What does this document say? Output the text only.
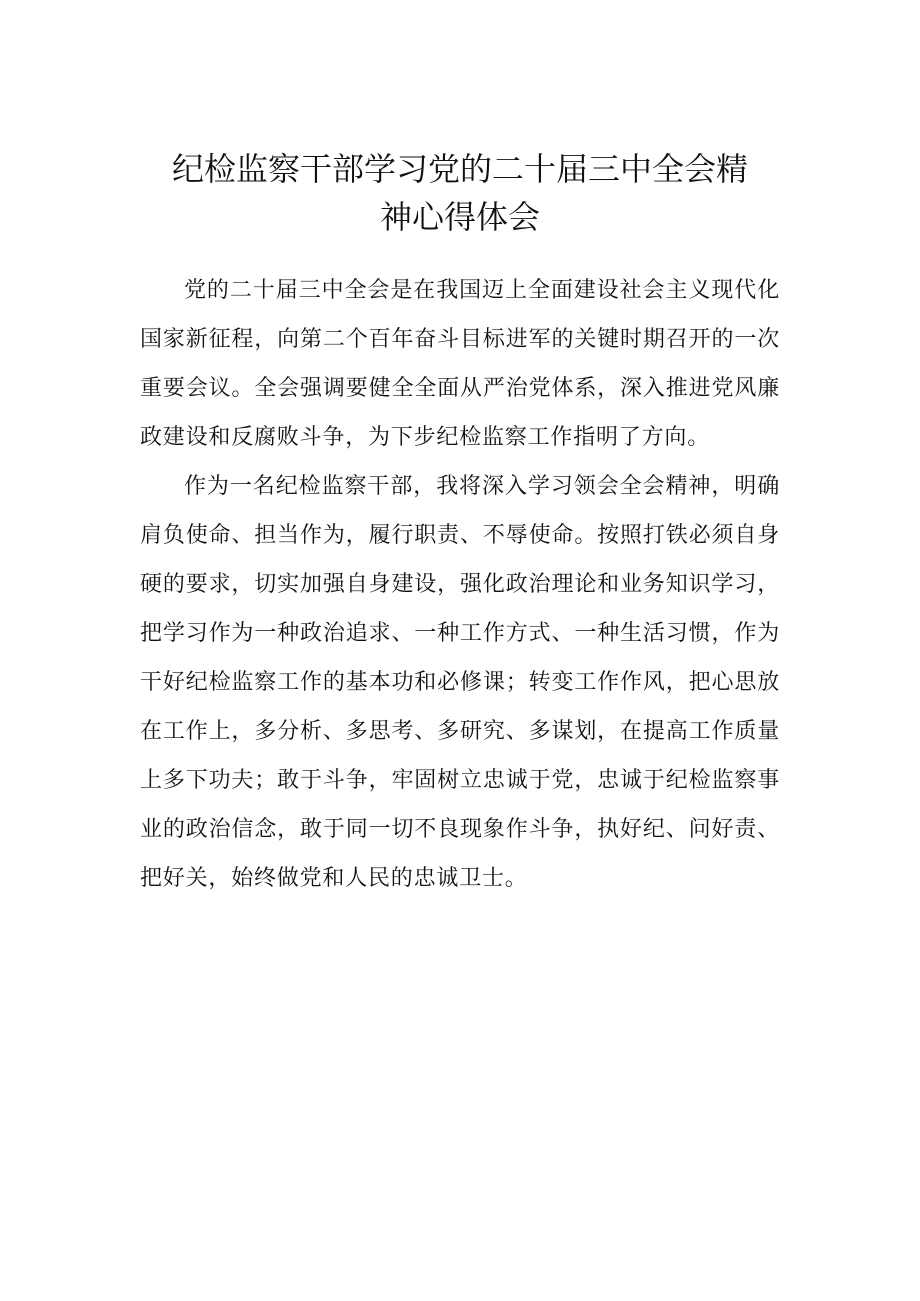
纪检监察干部学习党的二十届三中全会精
神心得体会

党的二十届三中全会是在我国迈上全面建设社会主义现代化国家新征程，向第二个百年奋斗目标进军的关键时期召开的一次重要会议。全会强调要健全全面从严治党体系，深入推进党风廉政建设和反腐败斗争，为下步纪检监察工作指明了方向。

作为一名纪检监察干部，我将深入学习领会全会精神，明确肩负使命、担当作为，履行职责、不辱使命。按照打铁必须自身硬的要求，切实加强自身建设，强化政治理论和业务知识学习，把学习作为一种政治追求、一种工作方式、一种生活习惯，作为干好纪检监察工作的基本功和必修课；转变工作作风，把心思放在工作上，多分析、多思考、多研究、多谋划，在提高工作质量上多下功夫；敢于斗争，牢固树立忠诚于党，忠诚于纪检监察事业的政治信念，敢于同一切不良现象作斗争，执好纪、问好责、把好关，始终做党和人民的忠诚卫士。
